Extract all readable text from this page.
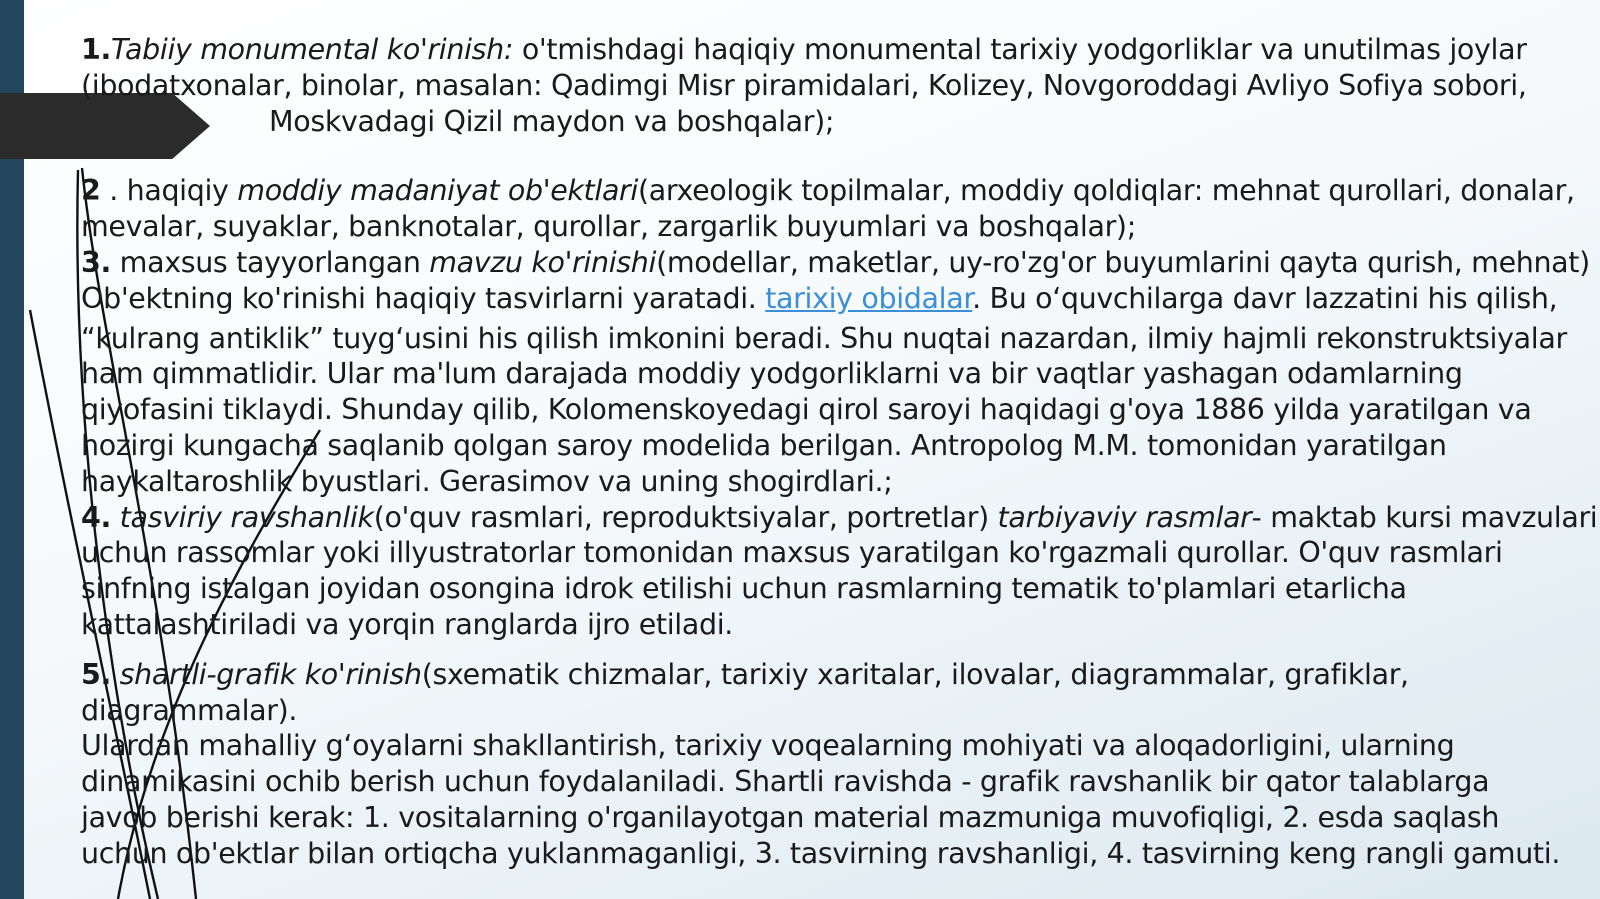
1.Tabiiy monumental ko'rinish: o'tmishdagi haqiqiy monumental tarixiy yodgorliklar va unutilmas joylar
(ibodatxonalar, binolar, masalan: Qadimgi Misr piramidalari, Kolizey, Novgoroddagi Avliyo Sofiya sobori,
Moskvadagi Qizil maydon va boshqalar);
2 . haqiqiy moddiy madaniyat ob'ektlari(arxeologik topilmalar, moddiy qoldiqlar: mehnat qurollari, donalar,
mevalar, suyaklar, banknotalar, qurollar, zargarlik buyumlari va boshqalar);
3. maxsus tayyorlangan mavzu ko'rinishi(modellar, maketlar, uy-ro'zg'or buyumlarini qayta qurish, mehnat)
Ob'ektning ko'rinishi haqiqiy tasvirlarni yaratadi. tarixiy obidalar. Bu o‘quvchilarga davr lazzatini his qilish,
“kulrang antiklik” tuyg‘usini his qilish imkonini beradi. Shu nuqtai nazardan, ilmiy hajmli rekonstruktsiyalar
ham qimmatlidir. Ular ma'lum darajada moddiy yodgorliklarni va bir vaqtlar yashagan odamlarning
qiyofasini tiklaydi. Shunday qilib, Kolomenskoyedagi qirol saroyi haqidagi g'oya 1886 yilda yaratilgan va
hozirgi kungacha saqlanib qolgan saroy modelida berilgan. Antropolog M.M. tomonidan yaratilgan
haykaltaroshlik byustlari. Gerasimov va uning shogirdlari.;
4. tasviriy ravshanlik(o'quv rasmlari, reproduktsiyalar, portretlar) tarbiyaviy rasmlar- maktab kursi mavzulari
uchun rassomlar yoki illyustratorlar tomonidan maxsus yaratilgan ko'rgazmali qurollar. O'quv rasmlari
sinfning istalgan joyidan osongina idrok etilishi uchun rasmlarning tematik to'plamlari etarlicha
kattalashtiriladi va yorqin ranglarda ijro etiladi.
5. shartli-grafik ko'rinish(sxematik chizmalar, tarixiy xaritalar, ilovalar, diagrammalar, grafiklar,
diagrammalar).
Ulardan mahalliy g‘oyalarni shakllantirish, tarixiy voqealarning mohiyati va aloqadorligini, ularning
dinamikasini ochib berish uchun foydalaniladi. Shartli ravishda - grafik ravshanlik bir qator talablarga
javob berishi kerak: 1. vositalarning o'rganilayotgan material mazmuniga muvofiqligi, 2. esda saqlash
uchun ob'ektlar bilan ortiqcha yuklanmaganligi, 3. tasvirning ravshanligi, 4. tasvirning keng rangli gamuti.
